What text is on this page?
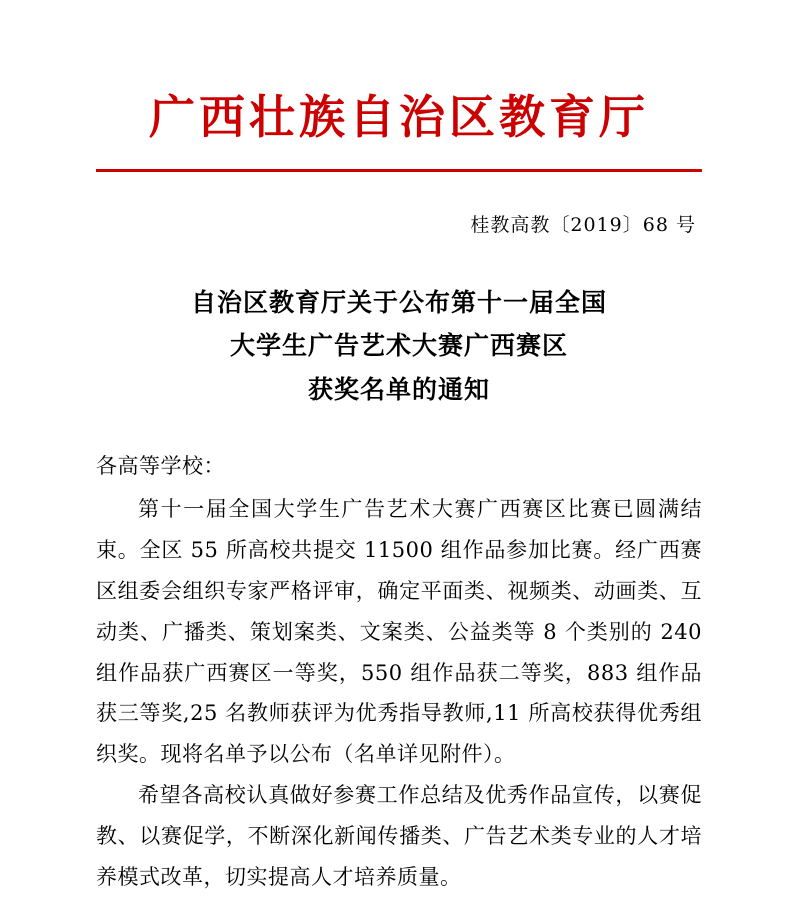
广西壮族自治区教育厅
桂教高教〔2019〕68 号
自治区教育厅关于公布第十一届全国
大学生广告艺术大赛广西赛区
获奖名单的通知

各高等学校：

第十一届全国大学生广告艺术大赛广西赛区比赛已圆满结束。全区 55 所高校共提交 11500 组作品参加比赛。经广西赛区组委会组织专家严格评审，确定平面类、视频类、动画类、互动类、广播类、策划案类、文案类、公益类等 8 个类别的 240 组作品获广西赛区一等奖，550 组作品获二等奖，883 组作品获三等奖,25 名教师获评为优秀指导教师,11 所高校获得优秀组织奖。现将名单予以公布（名单详见附件）。

希望各高校认真做好参赛工作总结及优秀作品宣传，以赛促教、以赛促学，不断深化新闻传播类、广告艺术类专业的人才培养模式改革，切实提高人才培养质量。
